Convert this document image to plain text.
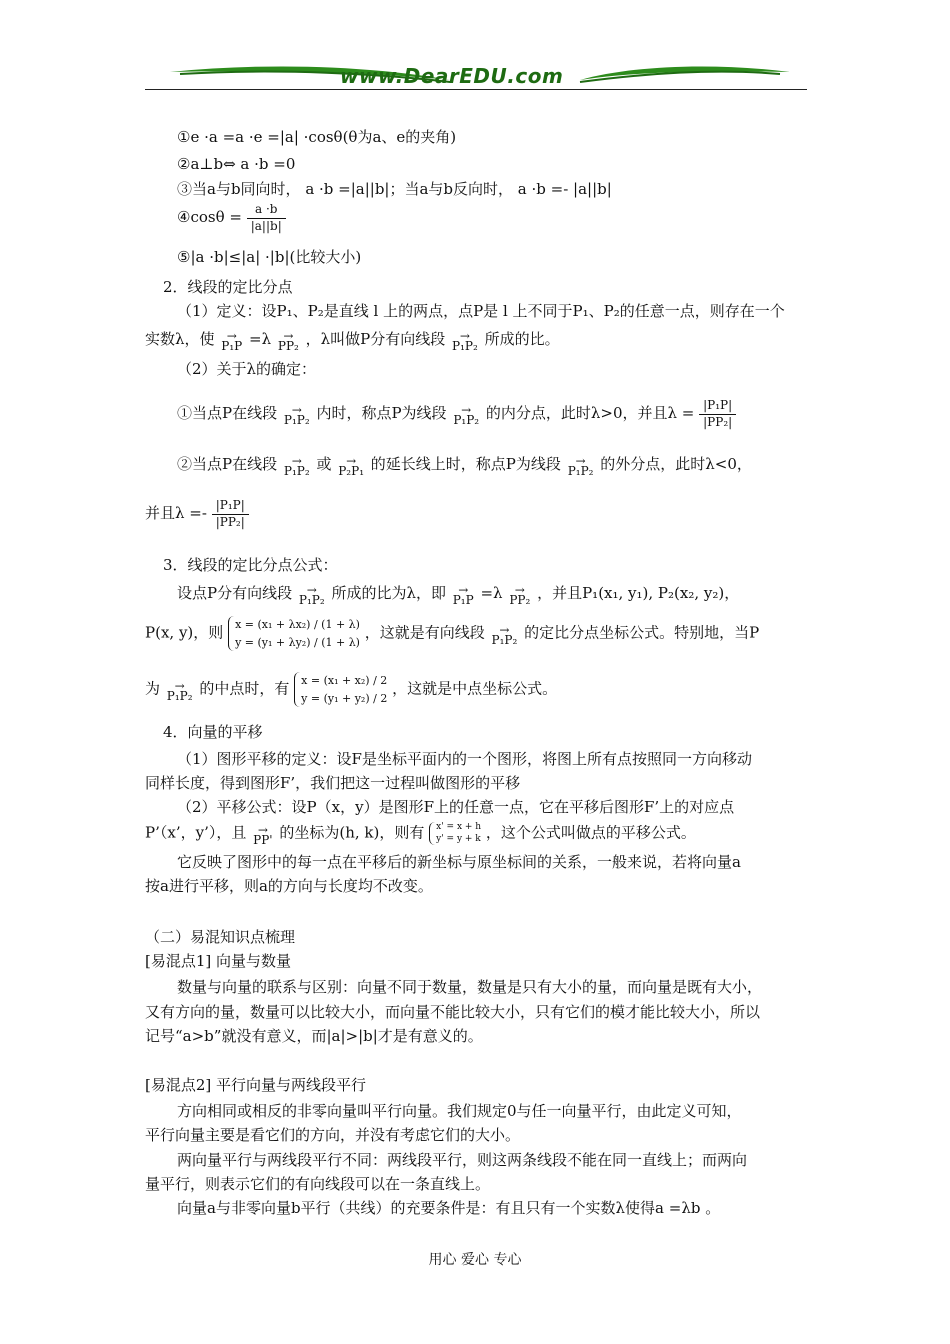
www.DearEDU.com
①e ·a =a ·e =|a| ·cosθ(θ为a、e的夹角)
②a⊥b⇔ a ·b =0
③当a与b同向时， a ·b =|a||b|；当a与b反向时， a ·b =- |a||b|
④cosθ = $\frac{a \cdot b}{|a||b|}$
⑤|a ·b|≤|a| ·|b|(比较大小)
2．线段的定比分点
（1）定义：设P₁、P₂是直线 l 上的两点，点P是 l 上不同于P₁、P₂的任意一点，则存在一个
实数λ，使	→
P₁P =λ	→
PP₂ ，λ叫做P分有向线段	→
P₁P₂ 所成的比。
（2）关于λ的确定：
①当点P在线段	→
P₁P₂ 内时，称点P为线段	→
P₁P₂ 的内分点，此时λ>0，并且$\lambda = \frac{\text{|P₁P|}}{\text{|PP₂|}}$
②当点P在线段	→
P₁P₂ 或	→
P₂P₁ 的延长线上时，称点P为线段	→
P₁P₂ 的外分点，此时λ<0，
并且$\lambda =- \frac{\text{|P₁P|}}{\text{|PP₂|}}$
3．线段的定比分点公式：
设点P分有向线段	→
P₁P₂ 所成的比为λ，即	→
P₁P =λ	→
PP₂ ，并且P₁(x₁, y₁), P₂(x₂, y₂)，
P(x, y)，则 x = (x₁ + λx₂) / (1 + λ)
y = (y₁ + λy₂) / (1 + λ)
，这就是有向线段	→
P₁P₂ 的定比分点坐标公式。特别地，当P
为	→
P₁P₂ 的中点时，有 x = (x₁ + x₂) / 2
y = (y₁ + y₂) / 2
，这就是中点坐标公式。
4．向量的平移
（1）图形平移的定义：设F是坐标平面内的一个图形，将图上所有点按照同一方向移动
同样长度，得到图形F’，我们把这一过程叫做图形的平移
（2）平移公式：设P（x，y）是图形F上的任意一点，它在平移后图形F’上的对应点
P’（x’，y’），且 →
PP' 的坐标为(h, k)，则有 x' = x + h
y' = y + k ，这个公式叫做点的平移公式。
它反映了图形中的每一点在平移后的新坐标与原坐标间的关系，一般来说，若将向量a
按a进行平移，则a的方向与长度均不改变。
（二）易混知识点梳理
[易混点1] 向量与数量
数量与向量的联系与区别：向量不同于数量，数量是只有大小的量，而向量是既有大小，
又有方向的量，数量可以比较大小，而向量不能比较大小，只有它们的模才能比较大小，所以
记号“a>b”就没有意义，而|a|>|b|才是有意义的。
[易混点2] 平行向量与两线段平行
方向相同或相反的非零向量叫平行向量。我们规定0与任一向量平行，由此定义可知，
平行向量主要是看它们的方向，并没有考虑它们的大小。
两向量平行与两线段平行不同：两线段平行，则这两条线段不能在同一直线上；而两向
量平行，则表示它们的有向线段可以在一条直线上。
向量a与非零向量b平行（共线）的充要条件是：有且只有一个实数λ使得a =λb 。
用心 爱心 专心
